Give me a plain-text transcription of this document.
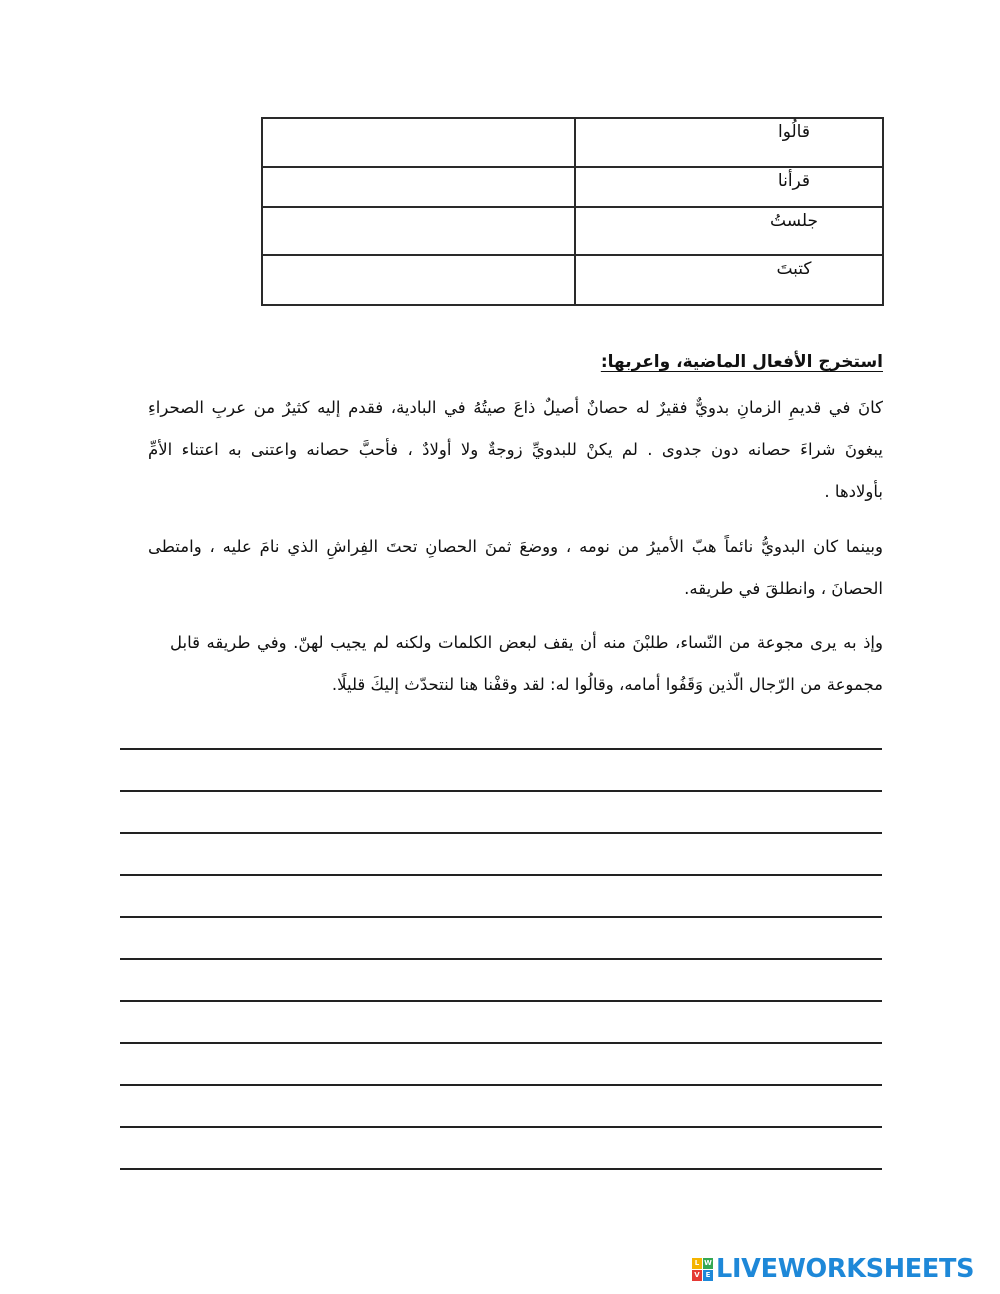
	قالُوا
	قرأنا
	جلستُ
	كتبتَ
استخرج الأفعال الماضية، واعربها:
كانَ في قديمِ الزمانِ بدويٌّ فقيرٌ له حصانٌ أصيلٌ ذاعَ صيتُهُ في البادية، فقدم إليه كثيرٌ من عربِ الصحراءِ
يبغونَ شراءَ حصانه دون جدوى . لم يكنْ للبدويِّ زوجةٌ ولا أولادٌ ، فأحبَّ حصانه واعتنى به اعتناء الأمِّ
بأولادها .
وبينما كان البدويُّ نائماً هبّ الأميرُ من نومه ، ووضعَ ثمنَ الحصانِ تحتَ الفِراشِ الذي نامَ عليه ، وامتطى
الحصانَ ، وانطلقَ في طريقه.
وإذ به يرى مجوعة من النّساء، طلبْنَ منه أن يقف لبعض الكلمات ولكنه لم يجيب لهنّ. وفي طريقه قابل
مجموعة من الرّجال الّذين وَقَفُوا أمامه، وقالُوا له: لقد وقفْنا هنا لنتحدّث إليكَ قليلًا.
L W
V E LIVEWORKSHEETS
